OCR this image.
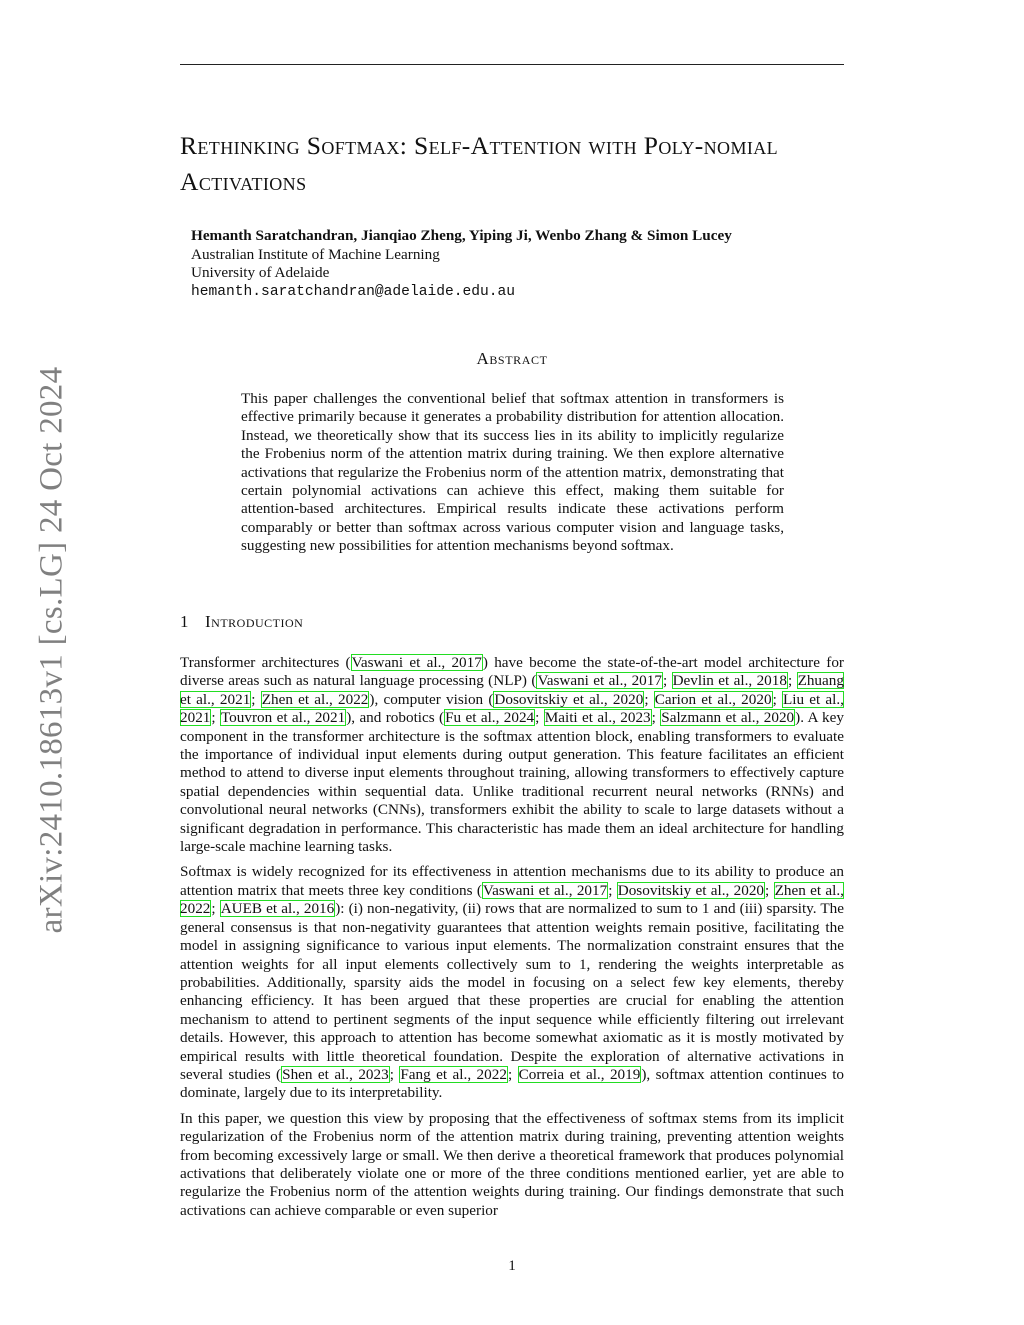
arXiv:2410.18613v1 [cs.LG] 24 Oct 2024
Rethinking Softmax: Self-Attention with Poly-nomial Activations
Hemanth Saratchandran, Jianqiao Zheng, Yiping Ji, Wenbo Zhang & Simon Lucey
Australian Institute of Machine Learning
University of Adelaide
hemanth.saratchandran@adelaide.edu.au
Abstract

This paper challenges the conventional belief that softmax attention in transformers is effective primarily because it generates a probability distribution for attention allocation. Instead, we theoretically show that its success lies in its ability to implicitly regularize the Frobenius norm of the attention matrix during training. We then explore alternative activations that regularize the Frobenius norm of the attention matrix, demonstrating that certain polynomial activations can achieve this effect, making them suitable for attention-based architectures. Empirical results indicate these activations perform comparably or better than softmax across various computer vision and language tasks, suggesting new possibilities for attention mechanisms beyond softmax.

1 Introduction

Transformer architectures (Vaswani et al., 2017) have become the state-of-the-art model architecture for diverse areas such as natural language processing (NLP) (Vaswani et al., 2017; Devlin et al., 2018; Zhuang et al., 2021; Zhen et al., 2022), computer vision (Dosovitskiy et al., 2020; Carion et al., 2020; Liu et al., 2021; Touvron et al., 2021), and robotics (Fu et al., 2024; Maiti et al., 2023; Salzmann et al., 2020). A key component in the transformer architecture is the softmax attention block, enabling transformers to evaluate the importance of individual input elements during output generation. This feature facilitates an efficient method to attend to diverse input elements throughout training, allowing transformers to effectively capture spatial dependencies within sequential data. Unlike traditional recurrent neural networks (RNNs) and convolutional neural networks (CNNs), transformers exhibit the ability to scale to large datasets without a significant degradation in performance. This characteristic has made them an ideal architecture for handling large-scale machine learning tasks.

Softmax is widely recognized for its effectiveness in attention mechanisms due to its ability to produce an attention matrix that meets three key conditions (Vaswani et al., 2017; Dosovitskiy et al., 2020; Zhen et al., 2022; AUEB et al., 2016): (i) non-negativity, (ii) rows that are normalized to sum to 1 and (iii) sparsity. The general consensus is that non-negativity guarantees that attention weights remain positive, facilitating the model in assigning significance to various input elements. The normalization constraint ensures that the attention weights for all input elements collectively sum to 1, rendering the weights interpretable as probabilities. Additionally, sparsity aids the model in focusing on a select few key elements, thereby enhancing efficiency. It has been argued that these properties are crucial for enabling the attention mechanism to attend to pertinent segments of the input sequence while efficiently filtering out irrelevant details. However, this approach to attention has become somewhat axiomatic as it is mostly motivated by empirical results with little theoretical foundation. Despite the exploration of alternative activations in several studies (Shen et al., 2023; Fang et al., 2022; Correia et al., 2019), softmax attention continues to dominate, largely due to its interpretability.

In this paper, we question this view by proposing that the effectiveness of softmax stems from its implicit regularization of the Frobenius norm of the attention matrix during training, preventing attention weights from becoming excessively large or small. We then derive a theoretical framework that produces polynomial activations that deliberately violate one or more of the three conditions mentioned earlier, yet are able to regularize the Frobenius norm of the attention weights during training. Our findings demonstrate that such activations can achieve comparable or even superior

1
